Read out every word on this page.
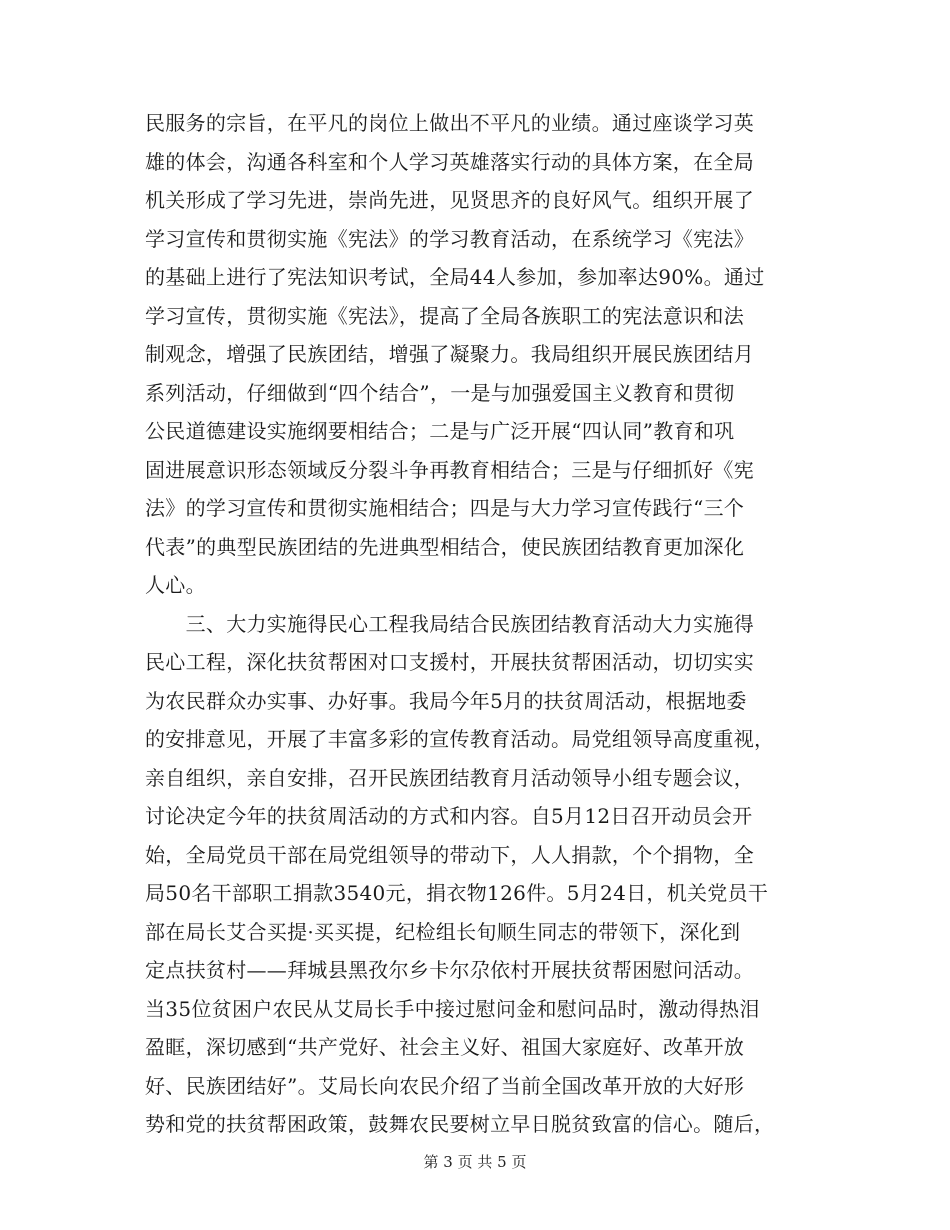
民服务的宗旨，在平凡的岗位上做出不平凡的业绩。通过座谈学习英
雄的体会，沟通各科室和个人学习英雄落实行动的具体方案，在全局
机关形成了学习先进，崇尚先进，见贤思齐的良好风气。组织开展了
学习宣传和贯彻实施《宪法》的学习教育活动，在系统学习《宪法》
的基础上进行了宪法知识考试，全局44人参加，参加率达90%。通过
学习宣传，贯彻实施《宪法》，提高了全局各族职工的宪法意识和法
制观念，增强了民族团结，增强了凝聚力。我局组织开展民族团结月
系列活动，仔细做到“四个结合”，一是与加强爱国主义教育和贯彻
公民道德建设实施纲要相结合；二是与广泛开展“四认同”教育和巩
固进展意识形态领域反分裂斗争再教育相结合；三是与仔细抓好《宪
法》的学习宣传和贯彻实施相结合；四是与大力学习宣传践行“三个
代表”的典型民族团结的先进典型相结合，使民族团结教育更加深化
人心。
　　三、大力实施得民心工程我局结合民族团结教育活动大力实施得
民心工程，深化扶贫帮困对口支援村，开展扶贫帮困活动，切切实实
为农民群众办实事、办好事。我局今年5月的扶贫周活动，根据地委
的安排意见，开展了丰富多彩的宣传教育活动。局党组领导高度重视，
亲自组织，亲自安排，召开民族团结教育月活动领导小组专题会议，
讨论决定今年的扶贫周活动的方式和内容。自5月12日召开动员会开
始，全局党员干部在局党组领导的带动下，人人捐款，个个捐物，全
局50名干部职工捐款3540元，捐衣物126件。5月24日，机关党员干
部在局长艾合买提·买买提，纪检组长旬顺生同志的带领下，深化到
定点扶贫村——拜城县黑孜尔乡卡尔尕依村开展扶贫帮困慰问活动。
当35位贫困户农民从艾局长手中接过慰问金和慰问品时，激动得热泪
盈眶，深切感到“共产党好、社会主义好、祖国大家庭好、改革开放
好、民族团结好”。艾局长向农民介绍了当前全国改革开放的大好形
势和党的扶贫帮困政策，鼓舞农民要树立早日脱贫致富的信心。随后，
第 3 页 共 5 页
